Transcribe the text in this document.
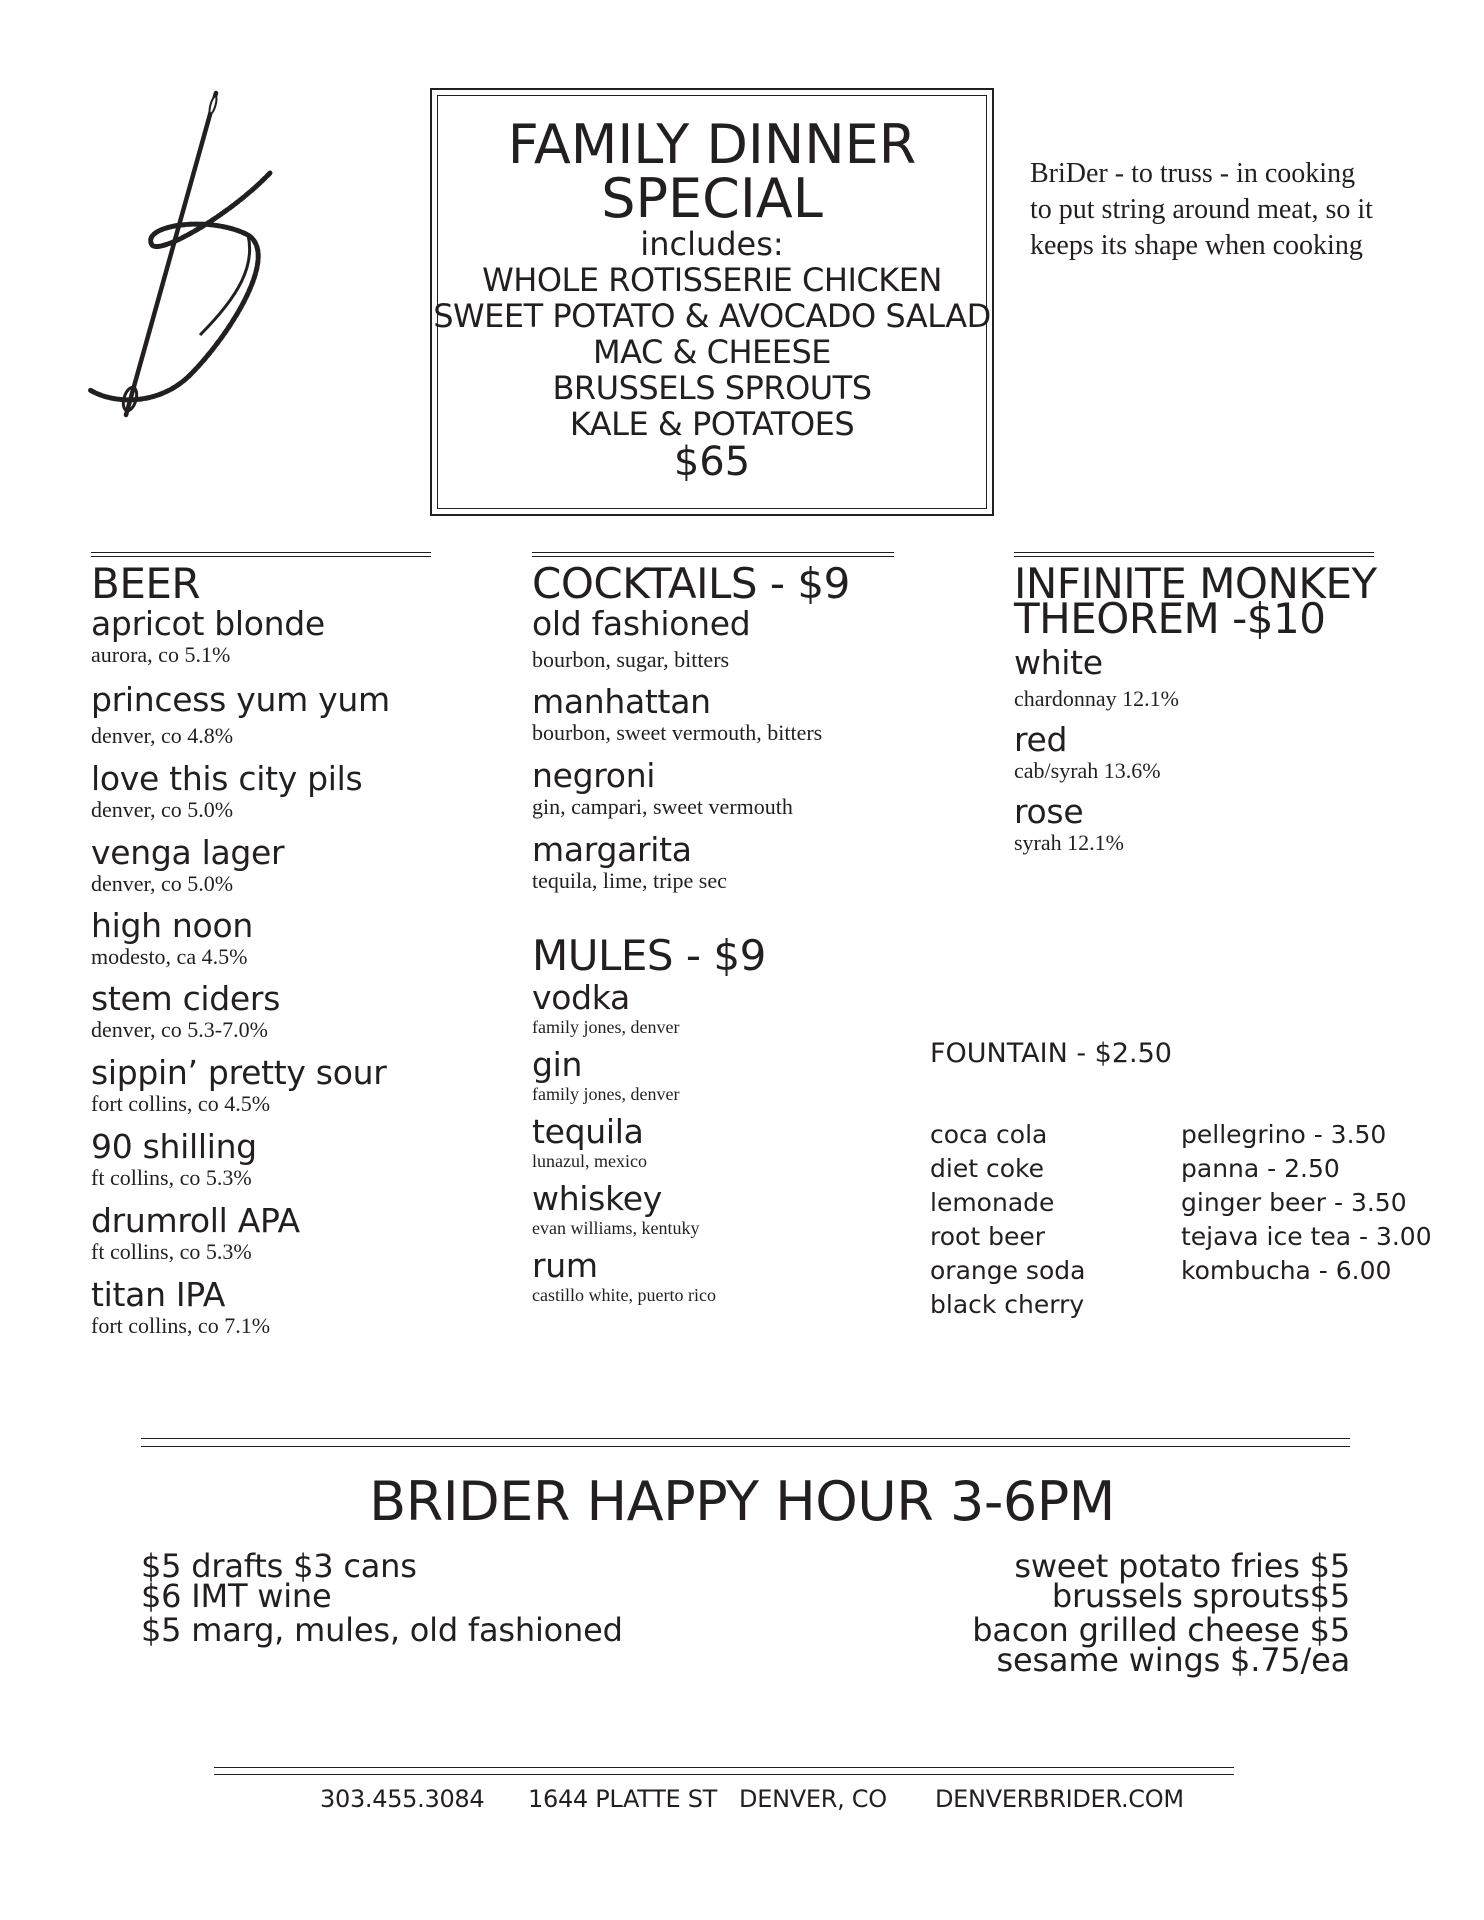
FAMILY DINNER
SPECIAL
includes:
WHOLE ROTISSERIE CHICKEN
SWEET POTATO & AVOCADO SALAD
MAC & CHEESE
BRUSSELS SPROUTS
KALE & POTATOES
$65
BriDer - to truss - in cooking
to put string around meat, so it
keeps its shape when cooking
BEER
apricot blonde
aurora, co 5.1%
princess yum yum
denver, co 4.8%
love this city pils
denver, co 5.0%
venga lager
denver, co 5.0%
high noon
modesto, ca 4.5%
stem ciders
denver, co 5.3-7.0%
sippin’ pretty sour
fort collins, co 4.5%
90 shilling
ft collins, co 5.3%
drumroll APA
ft collins, co 5.3%
titan IPA
fort collins, co 7.1%
COCKTAILS - $9
old fashioned
bourbon, sugar, bitters
manhattan
bourbon, sweet vermouth, bitters
negroni
gin, campari, sweet vermouth
margarita
tequila, lime, tripe sec
MULES - $9
vodka
family jones, denver
gin
family jones, denver
tequila
lunazul, mexico
whiskey
evan williams, kentuky
rum
castillo white, puerto rico
INFINITE MONKEY
THEOREM -$10
white
chardonnay 12.1%
red
cab/syrah 13.6%
rose
syrah 12.1%
FOUNTAIN - $2.50
coca cola
diet coke
lemonade
root beer
orange soda
black cherry
pellegrino - 3.50
panna - 2.50
ginger beer - 3.50
tejava ice tea - 3.00
kombucha - 6.00
BRIDER HAPPY HOUR 3-6PM
$5 drafts $3 cans
$6 IMT wine
$5 marg, mules, old fashioned
sweet potato fries $5
brussels sprouts$5
bacon grilled cheese $5
sesame wings $.75/ea
303.455.3084 1644 PLATTE ST   DENVER, CO DENVERBRIDER.COM
